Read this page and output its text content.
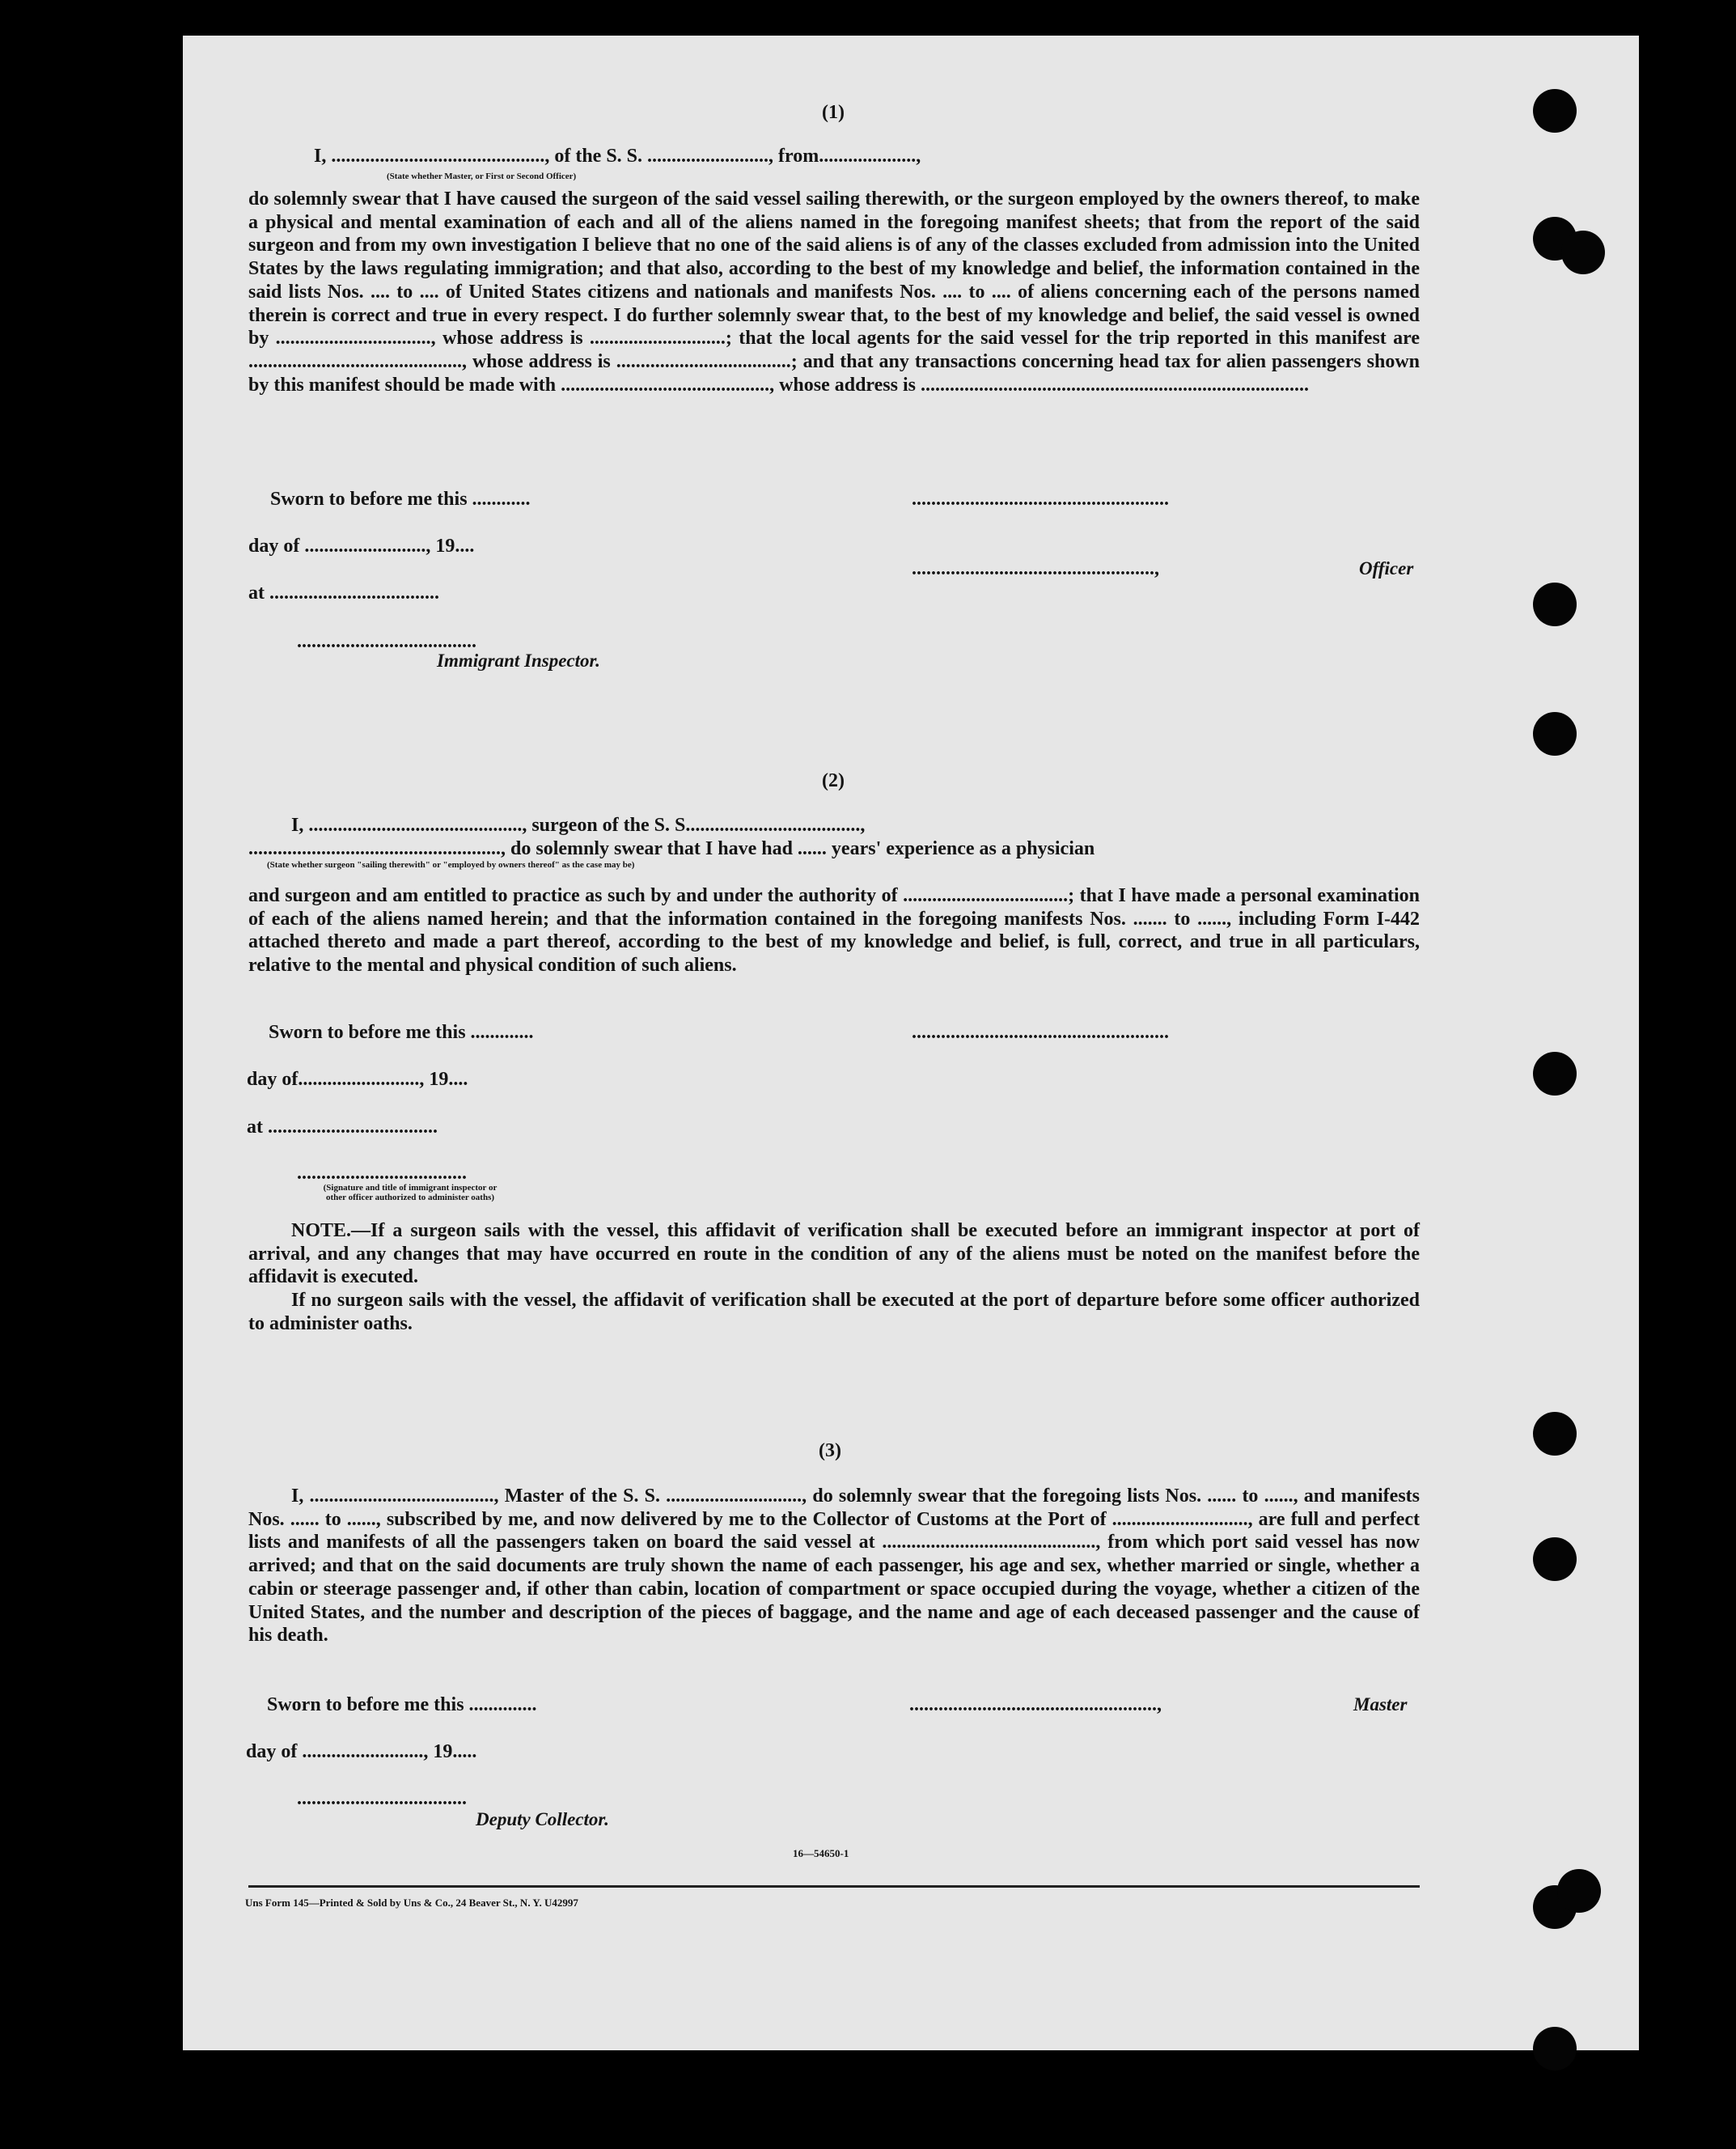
(1)
I, ............................................, of the S. S. ........................., from....................,
(State whether Master, or First or Second Officer)

do solemnly swear that I have caused the surgeon of the said vessel sailing therewith, or the surgeon employed by the owners thereof, to make a physical and mental examination of each and all of the aliens named in the foregoing manifest sheets; that from the report of the said surgeon and from my own investigation I believe that no one of the said aliens is of any of the classes excluded from admission into the United States by the laws regulating immigration; and that also, according to the best of my knowledge and belief, the information contained in the said lists Nos. .... to .... of United States citizens and nationals and manifests Nos. .... to .... of aliens concerning each of the persons named therein is correct and true in every respect. I do further solemnly swear that, to the best of my knowledge and belief, the said vessel is owned by ................................, whose address is ............................; that the local agents for the said vessel for the trip reported in this manifest are ............................................, whose address is ....................................; and that any transactions concerning head tax for alien passengers shown by this manifest should be made with ..........................................., whose address is ................................................................................

Sworn to before me this ............	.....................................................
day of ........................., 19....
..................................................,	Officer
at ...................................
.....................................
Immigrant Inspector.
(2)
I, ............................................, surgeon of the S. S....................................,
...................................................., do solemnly swear that I have had ...... years' experience as a physician
(State whether surgeon "sailing therewith" or "employed by owners thereof" as the case may be)

and surgeon and am entitled to practice as such by and under the authority of ..................................; that I have made a personal examination of each of the aliens named herein; and that the information contained in the foregoing manifests Nos. ....... to ......, including Form I-442 attached thereto and made a part thereof, according to the best of my knowledge and belief, is full, correct, and true in all particulars, relative to the mental and physical condition of such aliens.

Sworn to before me this .............	.....................................................
day of........................., 19....
at ...................................
...................................
(Signature and title of immigrant inspector or other officer authorized to administer oaths)

NOTE.—If a surgeon sails with the vessel, this affidavit of verification shall be executed before an immigrant inspector at port of arrival, and any changes that may have occurred en route in the condition of any of the aliens must be noted on the manifest before the affidavit is executed.

If no surgeon sails with the vessel, the affidavit of verification shall be executed at the port of departure before some officer authorized to administer oaths.

(3)

I, ......................................, Master of the S. S. ............................, do solemnly swear that the foregoing lists Nos. ...... to ......, and manifests Nos. ...... to ......, subscribed by me, and now delivered by me to the Collector of Customs at the Port of ............................, are full and perfect lists and manifests of all the passengers taken on board the said vessel at ............................................, from which port said vessel has now arrived; and that on the said documents are truly shown the name of each passenger, his age and sex, whether married or single, whether a cabin or steerage passenger and, if other than cabin, location of compartment or space occupied during the voyage, whether a citizen of the United States, and the number and description of the pieces of baggage, and the name and age of each deceased passenger and the cause of his death.

Sworn to before me this ..............	...................................................,	Master
day of ........................., 19.....
...................................
Deputy Collector.
16—54650-1
Uns Form 145—Printed & Sold by Uns & Co., 24 Beaver St., N. Y. U42997
